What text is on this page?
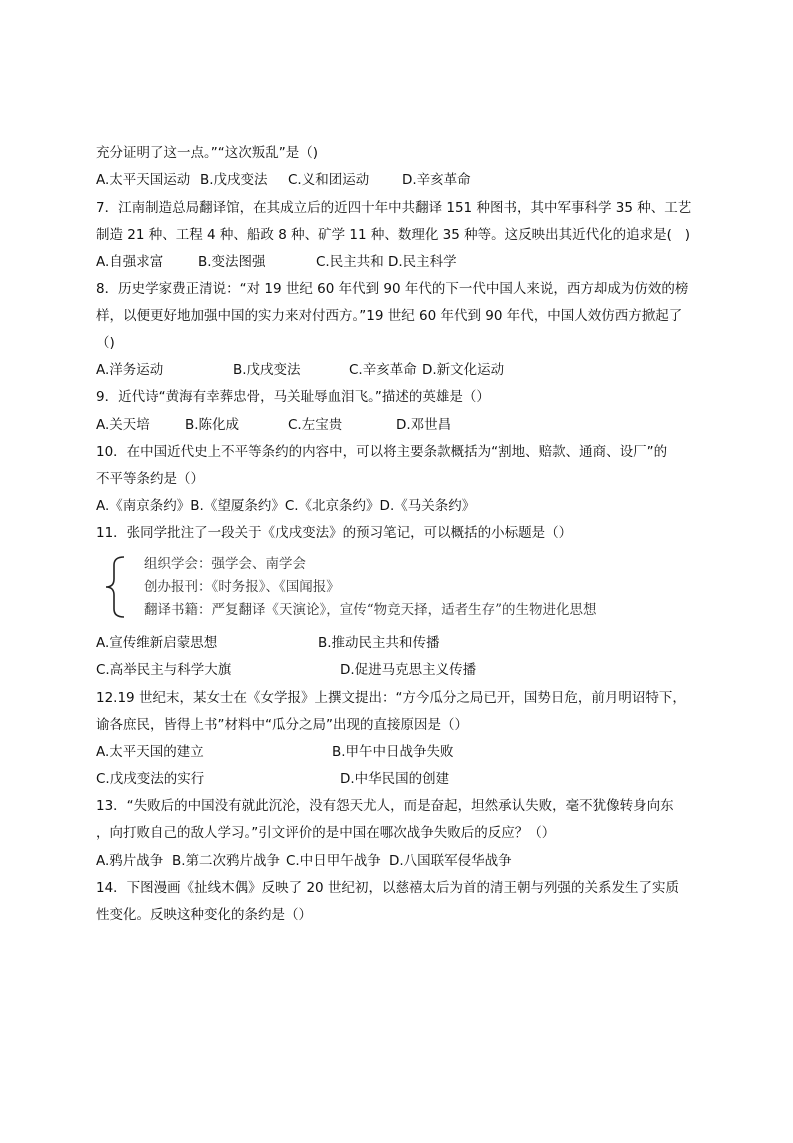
充分证明了这一点。”“这次叛乱”是（)
A.太平天国运动 B.戊戌变法 C.义和团运动 D.辛亥革命
7．江南制造总局翻译馆，在其成立后的近四十年中共翻译 151 种图书，其中军事科学 35 种、工艺
制造 21 种、工程 4 种、船政 8 种、矿学 11 种、数理化 35 种等。这反映出其近代化的追求是(   )
A.自强求富	B.变法图强	C.民主共和 D.民主科学
8．历史学家费正清说：“对 19 世纪 60 年代到 90 年代的下一代中国人来说，西方却成为仿效的榜
样，以便更好地加强中国的实力来对付西方。”19 世纪 60 年代到 90 年代，中国人效仿西方掀起了
（)
A.洋务运动	B.戊戌变法	C.辛亥革命 D.新文化运动
9．近代诗“黄海有幸葬忠骨，马关耻辱血泪飞。”描述的英雄是（）
A.关天培	B.陈化成	C.左宝贵	D.邓世昌
10．在中国近代史上不平等条约的内容中，可以将主要条款概括为“割地、赔款、通商、设厂”的
不平等条约是（）
A.《南京条约》B.《望厦条约》C.《北京条约》D.《马关条约》
11．张同学批注了一段关于《戊戌变法》的预习笔记，可以概括的小标题是（）
组织学会：强学会、南学会
创办报刊：《时务报》、《国闻报》
翻译书籍：严复翻译《天演论》，宣传“物竞天择，适者生存”的生物进化思想
A.宣传维新启蒙思想	B.推动民主共和传播
C.高举民主与科学大旗	D.促进马克思主义传播
12.19 世纪末，某女士在《女学报》上撰文提出：“方今瓜分之局已开，国势日危，前月明诏特下，
谕各庶民，皆得上书”材料中“瓜分之局”出现的直接原因是（）
A.太平天国的建立	B.甲午中日战争失败
C.戊戌变法的实行	D.中华民国的创建
13．“失败后的中国没有就此沉沦，没有怨天尤人，而是奋起，坦然承认失败，毫不犹像转身向东
，向打败自己的敌人学习。”引文评价的是中国在哪次战争失败后的反应？（）
A.鸦片战争 B.第二次鸦片战争 C.中日甲午战争 D.八国联军侵华战争
14．下图漫画《扯线木偶》反映了 20 世纪初，以慈禧太后为首的清王朝与列强的关系发生了实质
性变化。反映这种变化的条约是（）
